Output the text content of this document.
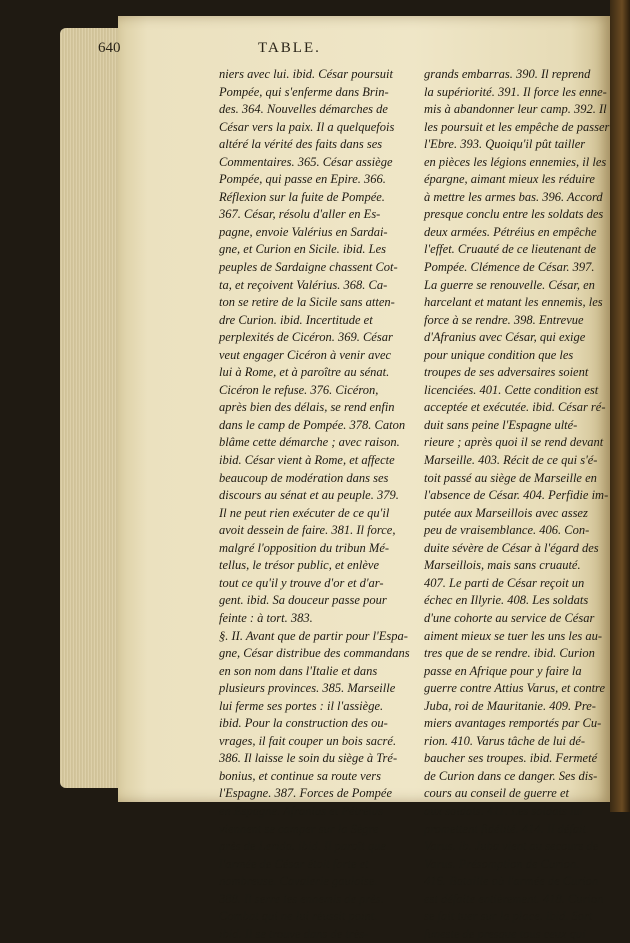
640	TABLE.
niers avec lui. ibid. César poursuit
Pompée, qui s'enferme dans Brin-
des. 364. Nouvelles démarches de
César vers la paix. Il a quelquefois
altéré la vérité des faits dans ses
Commentaires. 365. César assiège
Pompée, qui passe en Epire. 366.
Réflexion sur la fuite de Pompée.
367. César, résolu d'aller en Es-
pagne, envoie Valérius en Sardai-
gne, et Curion en Sicile. ibid. Les
peuples de Sardaigne chassent Cot-
ta, et reçoivent Valérius. 368. Ca-
ton se retire de la Sicile sans atten-
dre Curion. ibid. Incertitude et
perplexités de Cicéron. 369. César
veut engager Cicéron à venir avec
lui à Rome, et à paroître au sénat.
Cicéron le refuse. 376. Cicéron,
après bien des délais, se rend enfin
dans le camp de Pompée. 378. Caton
blâme cette démarche ; avec raison.
ibid. César vient à Rome, et affecte
beaucoup de modération dans ses
discours au sénat et au peuple. 379.
Il ne peut rien exécuter de ce qu'il
avoit dessein de faire. 381. Il force,
malgré l'opposition du tribun Mé-
tellus, le trésor public, et enlève
tout ce qu'il y trouve d'or et d'ar-
gent. ibid. Sa douceur passe pour
feinte : à tort. 383.
§. II. Avant que de partir pour l'Espa-
gne, César distribue des commandans
en son nom dans l'Italie et dans
plusieurs provinces. 385. Marseille
lui ferme ses portes : il l'assiège.
ibid. Pour la construction des ou-
vrages, il fait couper un bois sacré.
386. Il laisse le soin du siège à Tré-
bonius, et continue sa route vers
l'Espagne. 387. Forces de Pompée
en Espagne. Afranius et Pétréius
viennent se camper sur la Sègre
près de Lerida. ibid. Il paroît que
l'armée de César étoit forte et
nombreuse. Cavalerie gauloise.
388. Il serre les ennemis de près.
Combat qui ne lui réussit point.
ibid. Il se trouve dans de très-
grands embarras. 390. Il reprend
la supériorité. 391. Il force les enne-
mis à abandonner leur camp. 392. Il
les poursuit et les empêche de passer
l'Ebre. 393. Quoiqu'il pût tailler
en pièces les légions ennemies, il les
épargne, aimant mieux les réduire
à mettre les armes bas. 396. Accord
presque conclu entre les soldats des
deux armées. Pétréius en empêche
l'effet. Cruauté de ce lieutenant de
Pompée. Clémence de César. 397.
La guerre se renouvelle. César, en
harcelant et matant les ennemis, les
force à se rendre. 398. Entrevue
d'Afranius avec César, qui exige
pour unique condition que les
troupes de ses adversaires soient
licenciées. 401. Cette condition est
acceptée et exécutée. ibid. César ré-
duit sans peine l'Espagne ulté-
rieure ; après quoi il se rend devant
Marseille. 403. Récit de ce qui s'é-
toit passé au siège de Marseille en
l'absence de César. 404. Perfidie im-
putée aux Marseillois avec assez
peu de vraisemblance. 406. Con-
duite sévère de César à l'égard des
Marseillois, mais sans cruauté.
407. Le parti de César reçoit un
échec en Illyrie. 408. Les soldats
d'une cohorte au service de César
aiment mieux se tuer les uns les au-
tres que de se rendre. ibid. Curion
passe en Afrique pour y faire la
guerre contre Attius Varus, et contre
Juba, roi de Mauritanie. 409. Pre-
miers avantages remportés par Cu-
rion. 410. Varus tâche de lui dé-
baucher ses troupes. ibid. Fermeté
de Curion dans ce danger. Ses dis-
cours au conseil de guerre et
aux soldats. 411. Les soldats lui
promettent fidélité. 414. Il défait
Varus. ib. Juba vient au secours de
Varus. Présomption de Curion.
416. Bataille où l'armée de Curion
est défaite entièrement. 418. Curion
se fait tuer sur la place. ibid. Sort
funeste de presque tous ceux qui
